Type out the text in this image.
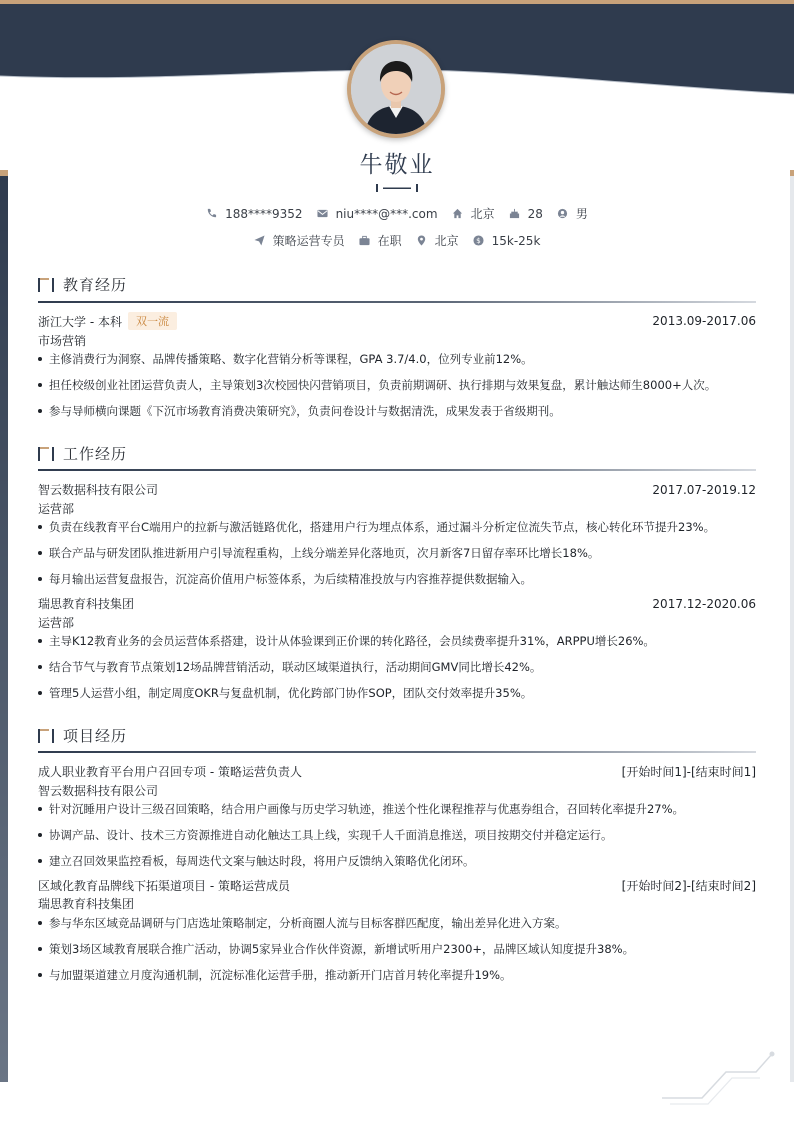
牛敬业
188****9352	niu****@***.com	北京	28	男
策略运营专员	在职	北京 $ 15k-25k
教育经历
浙江大学 - 本科	双一流	2013.09-2017.06
市场营销
主修消费行为洞察、品牌传播策略、数字化营销分析等课程，GPA 3.7/4.0，位列专业前12%。
担任校级创业社团运营负责人，主导策划3次校园快闪营销项目，负责前期调研、执行排期与效果复盘，累计触达师生8000+人次。
参与导师横向课题《下沉市场教育消费决策研究》，负责问卷设计与数据清洗，成果发表于省级期刊。
工作经历
智云数据科技有限公司	2017.07-2019.12
运营部
负责在线教育平台C端用户的拉新与激活链路优化，搭建用户行为埋点体系，通过漏斗分析定位流失节点，核心转化环节提升23%。
联合产品与研发团队推进新用户引导流程重构，上线分端差异化落地页，次月新客7日留存率环比增长18%。
每月输出运营复盘报告，沉淀高价值用户标签体系，为后续精准投放与内容推荐提供数据输入。
瑞思教育科技集团	2017.12-2020.06
运营部
主导K12教育业务的会员运营体系搭建，设计从体验课到正价课的转化路径，会员续费率提升31%，ARPPU增长26%。
结合节气与教育节点策划12场品牌营销活动，联动区域渠道执行，活动期间GMV同比增长42%。
管理5人运营小组，制定周度OKR与复盘机制，优化跨部门协作SOP，团队交付效率提升35%。
项目经历
成人职业教育平台用户召回专项 - 策略运营负责人	[开始时间1]-[结束时间1]
智云数据科技有限公司
针对沉睡用户设计三级召回策略，结合用户画像与历史学习轨迹，推送个性化课程推荐与优惠券组合，召回转化率提升27%。
协调产品、设计、技术三方资源推进自动化触达工具上线，实现千人千面消息推送，项目按期交付并稳定运行。
建立召回效果监控看板，每周迭代文案与触达时段，将用户反馈纳入策略优化闭环。
区域化教育品牌线下拓渠道项目 - 策略运营成员	[开始时间2]-[结束时间2]
瑞思教育科技集团
参与华东区域竞品调研与门店选址策略制定，分析商圈人流与目标客群匹配度，输出差异化进入方案。
策划3场区域教育展联合推广活动，协调5家异业合作伙伴资源，新增试听用户2300+，品牌区域认知度提升38%。
与加盟渠道建立月度沟通机制，沉淀标准化运营手册，推动新开门店首月转化率提升19%。
